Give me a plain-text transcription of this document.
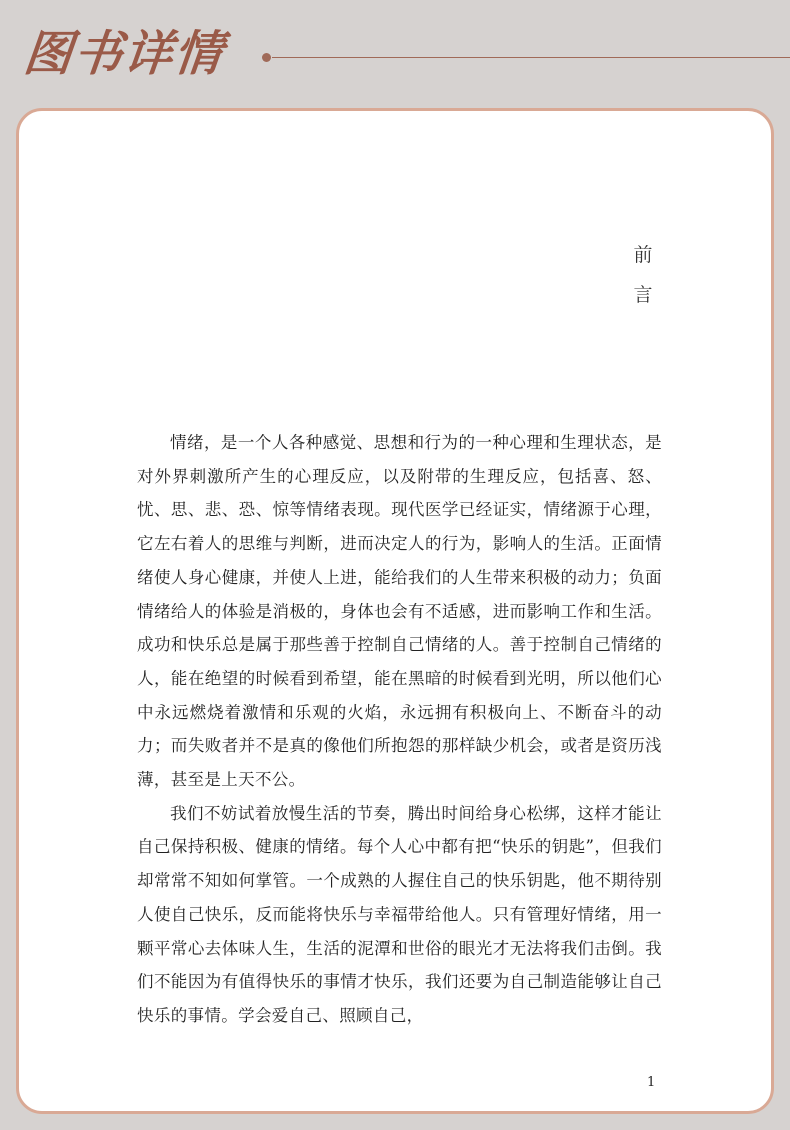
图书详情
前
言

情绪，是一个人各种感觉、思想和行为的一种心理和生理状态，是对外界刺激所产生的心理反应，以及附带的生理反应，包括喜、怒、忧、思、悲、恐、惊等情绪表现。现代医学已经证实，情绪源于心理，它左右着人的思维与判断，进而决定人的行为，影响人的生活。正面情绪使人身心健康，并使人上进，能给我们的人生带来积极的动力；负面情绪给人的体验是消极的，身体也会有不适感，进而影响工作和生活。成功和快乐总是属于那些善于控制自己情绪的人。善于控制自己情绪的人，能在绝望的时候看到希望，能在黑暗的时候看到光明，所以他们心中永远燃烧着激情和乐观的火焰，永远拥有积极向上、不断奋斗的动力；而失败者并不是真的像他们所抱怨的那样缺少机会，或者是资历浅薄，甚至是上天不公。

我们不妨试着放慢生活的节奏，腾出时间给身心松绑，这样才能让自己保持积极、健康的情绪。每个人心中都有把“快乐的钥匙”，但我们却常常不知如何掌管。一个成熟的人握住自己的快乐钥匙，他不期待别人使自己快乐，反而能将快乐与幸福带给他人。只有管理好情绪，用一颗平常心去体味人生，生活的泥潭和世俗的眼光才无法将我们击倒。我们不能因为有值得快乐的事情才快乐，我们还要为自己制造能够让自己快乐的事情。学会爱自己、照顾自己，

1
